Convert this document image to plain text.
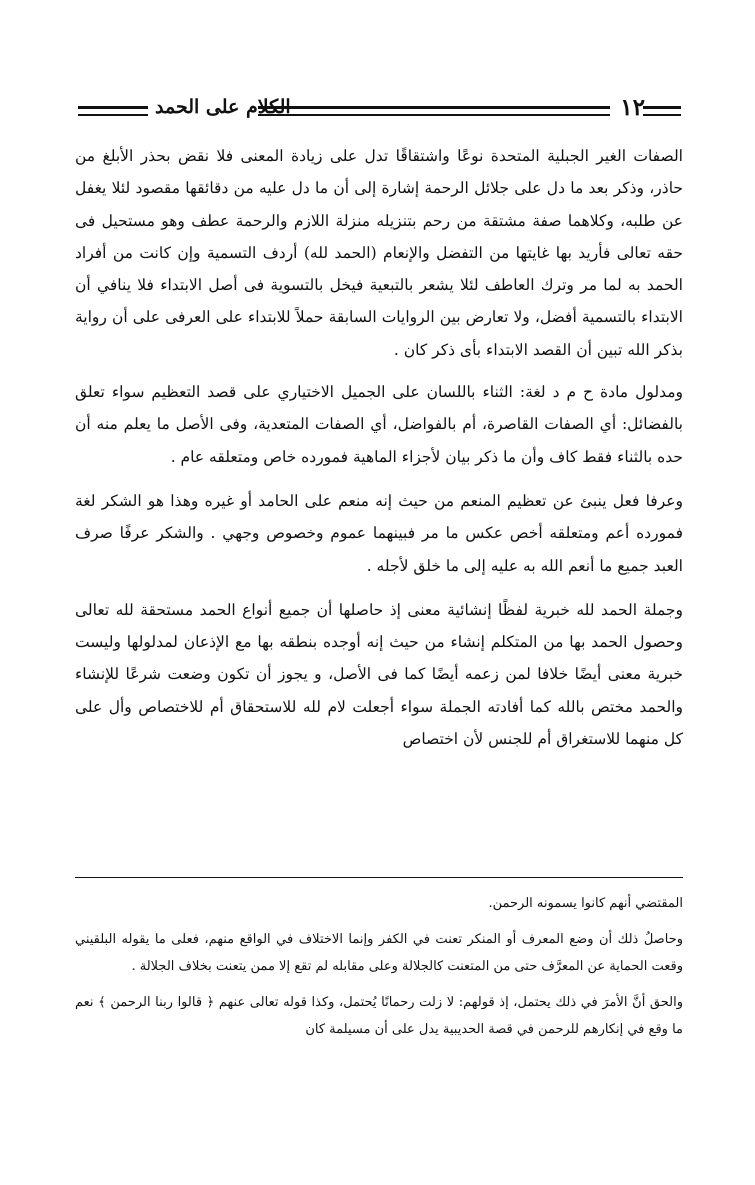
١٢
الكلام على الحمد

الصفات الغير الجبلية المتحدة نوعًا واشتقاقًا تدل على زيادة المعنى فلا نقض بحذر الأبلغ من حاذر، وذكر بعد ما دل على جلائل الرحمة إشارة إلى أن ما دل عليه من دقائقها مقصود لئلا يغفل عن طلبه، وكلاهما صفة مشتقة من رحم بتنزيله منزلة اللازم والرحمة عطف وهو مستحيل فى حقه تعالى فأريد بها غايتها من التفضل والإنعام (الحمد لله) أردف التسمية وإن كانت من أفراد الحمد به لما مر وترك العاطف لئلا يشعر بالتبعية فيخل بالتسوية فى أصل الابتداء فلا ينافي أن الابتداء بالتسمية أفضل، ولا تعارض بين الروايات السابقة حملاً للابتداء على العرفى على أن رواية بذكر الله تبين أن القصد الابتداء بأى ذكر كان .

ومدلول مادة ح م د لغة: الثناء باللسان على الجميل الاختياري على قصد التعظيم سواء تعلق بالفضائل: أي الصفات القاصرة، أم بالفواضل، أي الصفات المتعدية، وفى الأصل ما يعلم منه أن حده بالثناء فقط كاف وأن ما ذكر بيان لأجزاء الماهية فمورده خاص ومتعلقه عام .

وعرفا فعل ينبئ عن تعظيم المنعم من حيث إنه منعم على الحامد أو غيره وهذا هو الشكر لغة فمورده أعم ومتعلقه أخص عكس ما مر فبينهما عموم وخصوص وجهي . والشكر عرفًا صرف العبد جميع ما أنعم الله به عليه إلى ما خلق لأجله .

وجملة الحمد لله خبرية لفظًا إنشائية معنى إذ حاصلها أن جميع أنواع الحمد مستحقة لله تعالى وحصول الحمد بها من المتكلم إنشاء من حيث إنه أوجده بنطقه بها مع الإذعان لمدلولها وليست خبرية معنى أيضًا خلافا لمن زعمه أيضًا كما فى الأصل، و يجوز أن تكون وضعت شرعًا للإنشاء والحمد مختص بالله كما أفادته الجملة سواء أجعلت لام لله للاستحقاق أم للاختصاص وأل على كل منهما للاستغراق أم للجنس لأن اختصاص

المقتضي أنهم كانوا يسمونه الرحمن.

وحاصلُ ذلك أن وضع المعرف أو المنكر تعنت في الكفر وإنما الاختلاف في الواقع منهم، فعلى ما يقوله البلقيني وقعت الحماية عن المعرَّف حتى من المتعنت كالجلالة وعلى مقابله لم تقع إلا ممن يتعنت بخلاف الجلالة .

والحق أنَّ الأمرَ في ذلك يحتمل، إذ قولهم: لا زلت رحمانًا يُحتمل، وكذا قوله تعالى عنهم ﴿ قالوا ربنا الرحمن ﴾ نعم ما وقع في إنكارهم للرحمن في قصة الحديبية يدل على أن مسيلمة كان
